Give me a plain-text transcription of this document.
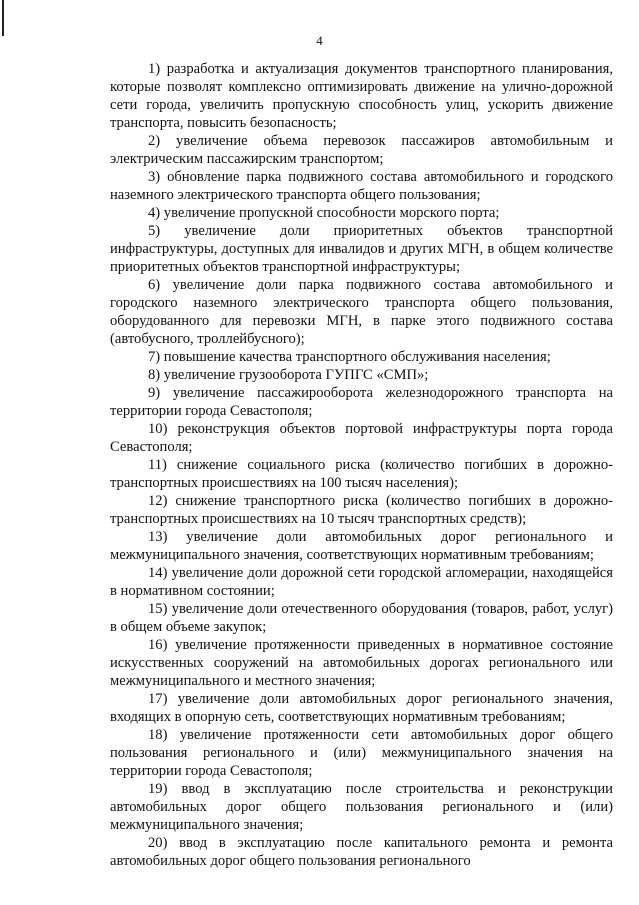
4

1) разработка и актуализация документов транспортного планирования, которые позволят комплексно оптимизировать движение на улично-дорожной сети города, увеличить пропускную способность улиц, ускорить движение транспорта, повысить безопасность;

2) увеличение объема перевозок пассажиров автомобильным и электрическим пассажирским транспортом;

3) обновление парка подвижного состава автомобильного и городского наземного электрического транспорта общего пользования;

4) увеличение пропускной способности морского порта;

5) увеличение доли приоритетных объектов транспортной инфраструктуры, доступных для инвалидов и других МГН, в общем количестве приоритетных объектов транспортной инфраструктуры;

6) увеличение доли парка подвижного состава автомобильного и городского наземного электрического транспорта общего пользования, оборудованного для перевозки МГН, в парке этого подвижного состава (автобусного, троллейбусного);

7) повышение качества транспортного обслуживания населения;

8) увеличение грузооборота ГУПГС «СМП»;

9) увеличение пассажирооборота железнодорожного транспорта на территории города Севастополя;

10) реконструкция объектов портовой инфраструктуры порта города Севастополя;

11) снижение социального риска (количество погибших в дорожно-транспортных происшествиях на 100 тысяч населения);

12) снижение транспортного риска (количество погибших в дорожно-транспортных происшествиях на 10 тысяч транспортных средств);

13) увеличение доли автомобильных дорог регионального и межмуниципального значения, соответствующих нормативным требованиям;

14) увеличение доли дорожной сети городской агломерации, находящейся в нормативном состоянии;

15) увеличение доли отечественного оборудования (товаров, работ, услуг) в общем объеме закупок;

16) увеличение протяженности приведенных в нормативное состояние искусственных сооружений на автомобильных дорогах регионального или межмуниципального и местного значения;

17) увеличение доли автомобильных дорог регионального значения, входящих в опорную сеть, соответствующих нормативным требованиям;

18) увеличение протяженности сети автомобильных дорог общего пользования регионального и (или) межмуниципального значения на территории города Севастополя;

19) ввод в эксплуатацию после строительства и реконструкции автомобильных дорог общего пользования регионального и (или) межмуниципального значения;

20) ввод в эксплуатацию после капитального ремонта и ремонта автомобильных дорог общего пользования регионального
